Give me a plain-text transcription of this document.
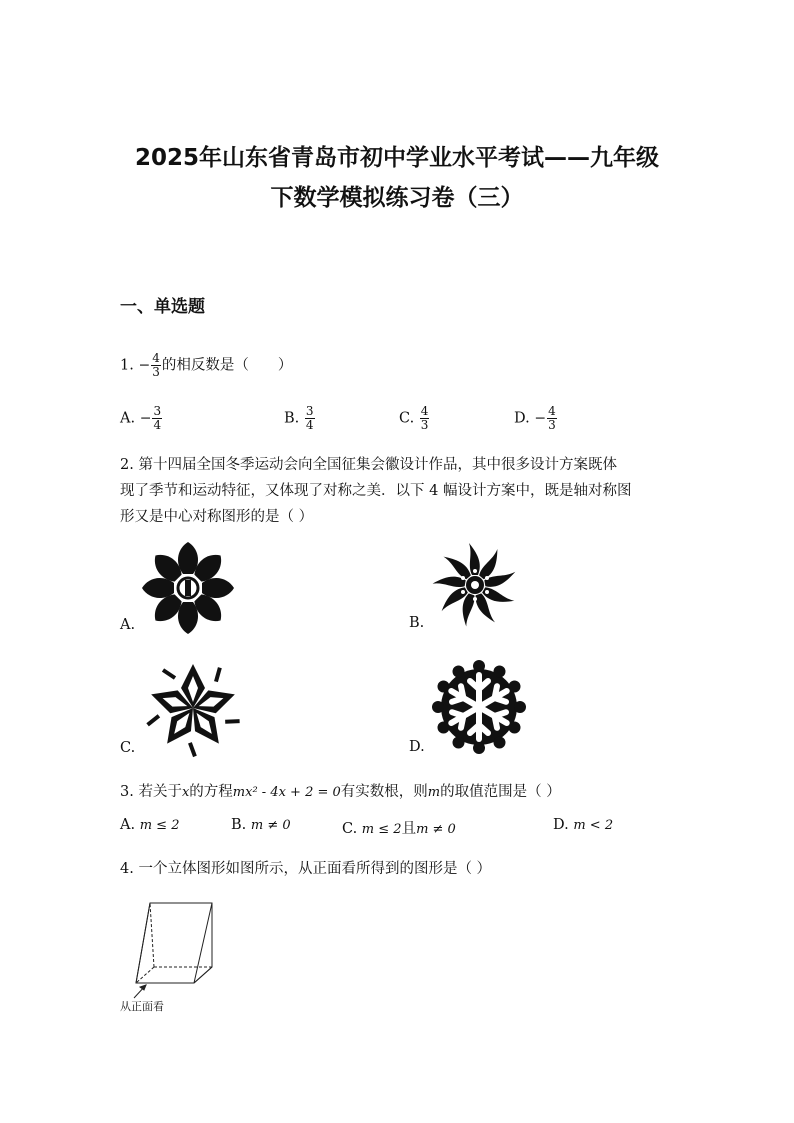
2025年山东省青岛市初中学业水平考试——九年级
下数学模拟练习卷（三）
一、单选题
1. − $\frac{4}{3}$ 的相反数是（　　）
A. − $\frac{3}{4}$	B. $\frac{3}{4}$	C. $\frac{4}{3}$	D. − $\frac{4}{3}$
2. 第十四届全国冬季运动会向全国征集会徽设计作品，其中很多设计方案既体
现了季节和运动特征，又体现了对称之美．以下 4 幅设计方案中，既是轴对称图
形又是中心对称图形的是（ ）
A.	B.
C.	D.
3. 若关于x的方程mx² - 4x + 2 = 0有实数根，则m的取值范围是（ ）
A. m ≤ 2	B. m ≠ 0	C. m ≤ 2且m ≠ 0	D. m < 2
4. 一个立体图形如图所示，从正面看所得到的图形是（ ）
从正面看
